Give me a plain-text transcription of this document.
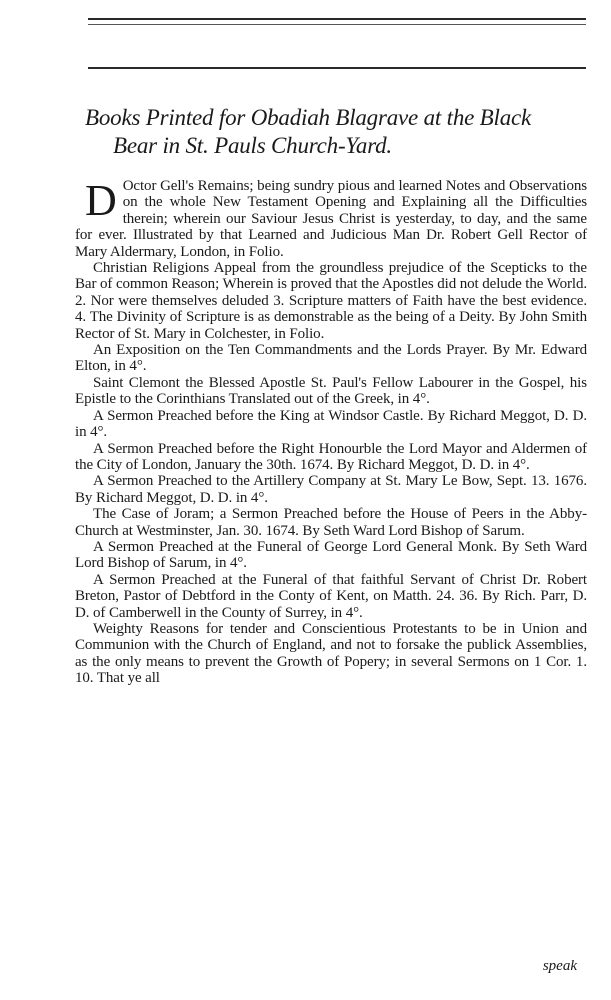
Books Printed for Obadiah Blagrave at the Black
Bear in St. Pauls Church-Yard.

D Octor Gell's Remains; being sundry pious and learned Notes and Observations on the whole New Testament Opening and Explaining all the Difficulties therein; wherein our Saviour Jesus Christ is yesterday, to day, and the same for ever. Illustrated by that Learned and Judicious Man Dr. Robert Gell Rector of Mary Aldermary, London, in Folio.

Christian Religions Appeal from the groundless prejudice of the Scepticks to the Bar of common Reason; Wherein is proved that the Apostles did not delude the World. 2. Nor were themselves deluded 3. Scripture matters of Faith have the best evidence. 4. The Divinity of Scripture is as demonstrable as the being of a Deity. By John Smith Rector of St. Mary in Colchester, in Folio.

An Exposition on the Ten Commandments and the Lords Prayer. By Mr. Edward Elton, in 4°.

Saint Clemont the Blessed Apostle St. Paul's Fellow Labourer in the Gospel, his Epistle to the Corinthians Translated out of the Greek, in 4°.

A Sermon Preached before the King at Windsor Castle. By Richard Meggot, D. D. in 4°.

A Sermon Preached before the Right Honourble the Lord Mayor and Aldermen of the City of London, January the 30th. 1674. By Richard Meggot, D. D. in 4°.

A Sermon Preached to the Artillery Company at St. Mary Le Bow, Sept. 13. 1676. By Richard Meggot, D. D. in 4°.

The Case of Joram; a Sermon Preached before the House of Peers in the Abby-Church at Westminster, Jan. 30. 1674. By Seth Ward Lord Bishop of Sarum.

A Sermon Preached at the Funeral of George Lord General Monk. By Seth Ward Lord Bishop of Sarum, in 4°.

A Sermon Preached at the Funeral of that faithful Servant of Christ Dr. Robert Breton, Pastor of Debtford in the Conty of Kent, on Matth. 24. 36. By Rich. Parr, D. D. of Camberwell in the County of Surrey, in 4°.

Weighty Reasons for tender and Conscientious Protestants to be in Union and Communion with the Church of England, and not to forsake the publick Assemblies, as the only means to prevent the Growth of Popery; in several Sermons on 1 Cor. 1. 10. That ye all

speak
